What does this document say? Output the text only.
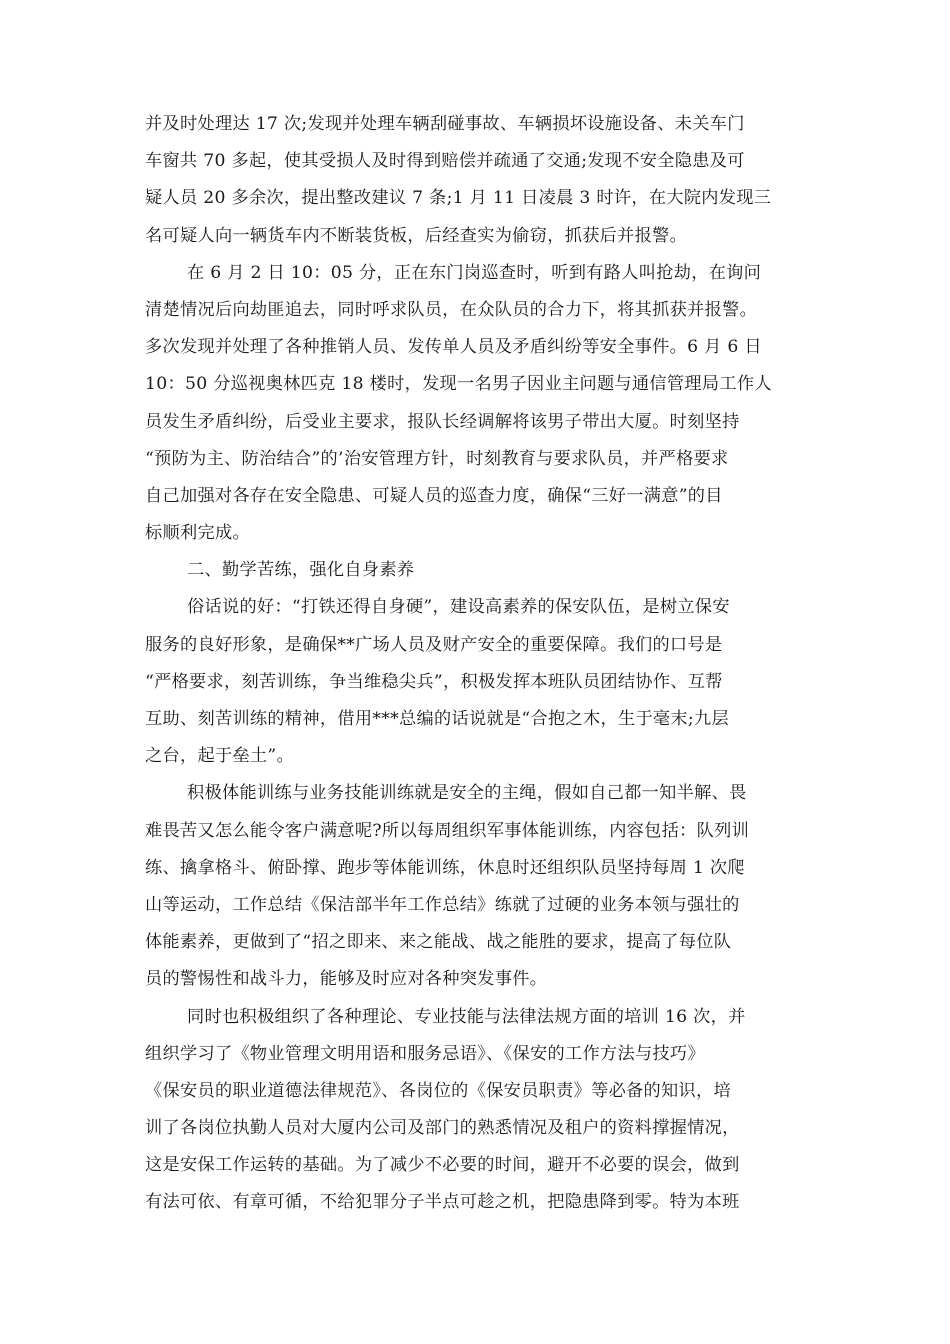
并及时处理达 17 次;发现并处理车辆刮碰事故、车辆损坏设施设备、未关车门
车窗共 70 多起，使其受损人及时得到赔偿并疏通了交通;发现不安全隐患及可
疑人员 20 多余次，提出整改建议 7 条;1 月 11 日凌晨 3 时许，在大院内发现三
名可疑人向一辆货车内不断装货板，后经查实为偷窃，抓获后并报警。
在 6 月 2 日 10：05 分，正在东门岗巡查时，听到有路人叫抢劫，在询问
清楚情况后向劫匪追去，同时呼求队员，在众队员的合力下，将其抓获并报警。
多次发现并处理了各种推销人员、发传单人员及矛盾纠纷等安全事件。6 月 6 日
10：50 分巡视奥林匹克 18 楼时，发现一名男子因业主问题与通信管理局工作人
员发生矛盾纠纷，后受业主要求，报队长经调解将该男子带出大厦。时刻坚持
“预防为主、防治结合”的’治安管理方针，时刻教育与要求队员，并严格要求
自己加强对各存在安全隐患、可疑人员的巡查力度，确保“三好一满意”的目
标顺利完成。
二、勤学苦练，强化自身素养
俗话说的好：“打铁还得自身硬”，建设高素养的保安队伍，是树立保安
服务的良好形象，是确保**广场人员及财产安全的重要保障。我们的口号是
“严格要求，刻苦训练，争当维稳尖兵”，积极发挥本班队员团结协作、互帮
互助、刻苦训练的精神，借用***总编的话说就是“合抱之木，生于毫末;九层
之台，起于垒土”。
积极体能训练与业务技能训练就是安全的主绳，假如自己都一知半解、畏
难畏苦又怎么能令客户满意呢?所以每周组织军事体能训练，内容包括：队列训
练、擒拿格斗、俯卧撑、跑步等体能训练，休息时还组织队员坚持每周 1 次爬
山等运动，工作总结《保洁部半年工作总结》练就了过硬的业务本领与强壮的
体能素养，更做到了“招之即来、来之能战、战之能胜的要求，提高了每位队
员的警惕性和战斗力，能够及时应对各种突发事件。
同时也积极组织了各种理论、专业技能与法律法规方面的培训 16 次，并
组织学习了《物业管理文明用语和服务忌语》、《保安的工作方法与技巧》
《保安员的职业道德法律规范》、各岗位的《保安员职责》等必备的知识，培
训了各岗位执勤人员对大厦内公司及部门的熟悉情况及租户的资料撑握情况，
这是安保工作运转的基础。为了减少不必要的时间，避开不必要的误会，做到
有法可依、有章可循，不给犯罪分子半点可趁之机，把隐患降到零。特为本班
